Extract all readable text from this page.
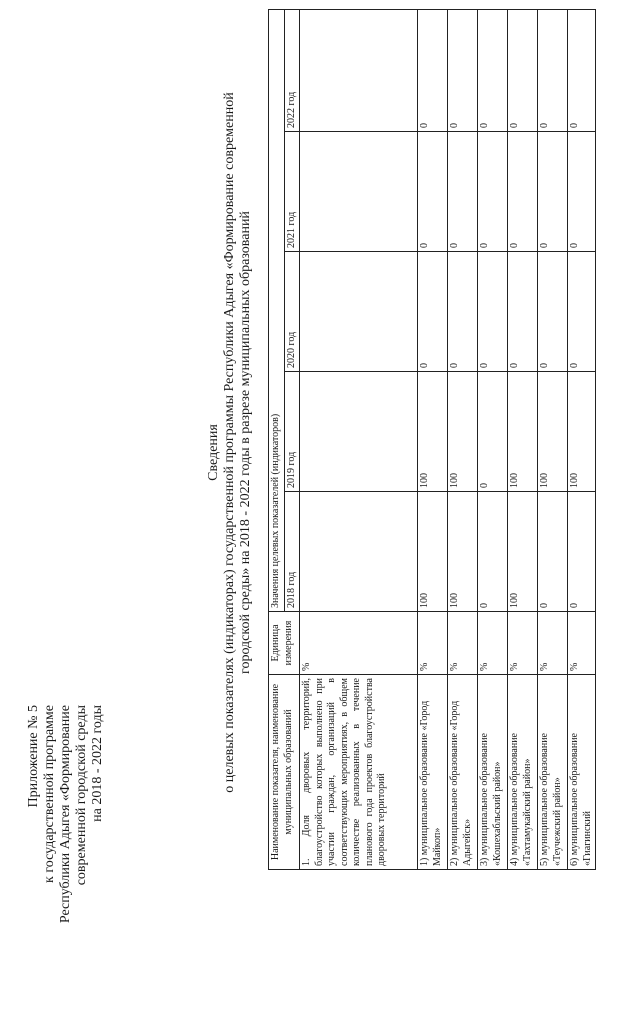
Приложение № 5 к государственной программе Республики Адыгея «Формирование современной городской среды на 2018 - 2022 годы
Сведения о целевых показателях (индикаторах) государственной программы Республики Адыгея «Формирование современной городской среды» на 2018 - 2022 годы в разрезе муниципальных образований
Наименование показателя, наименование муниципальных образований	Единица измерения	Значения целевых показателей (индикаторов)				
		2018 год	2019 год	2020 год	2021 год	2022 год
1. Доля дворовых территорий, благоустройство которых выполнено при участии граждан, организаций в соответствующих мероприятиях, в общем количестве реализованных в течение планового года проектов благоустройства дворовых территорий	%					
1) муниципальное образование «Город Майкоп»	%	100	100	0	0	0
2) муниципальное образование «Город Адыгейск»	%	100	100	0	0	0
3) муниципальное образование «Кошехабльский район»	%	0	0	0	0	0
4) муниципальное образование «Тахтамукайский район»	%	100	100	0	0	0
5) муниципальное образование «Теучежский район»	%	0	100	0	0	0
6) муниципальное образование «Гиагинский	%	0	100	0	0	0
